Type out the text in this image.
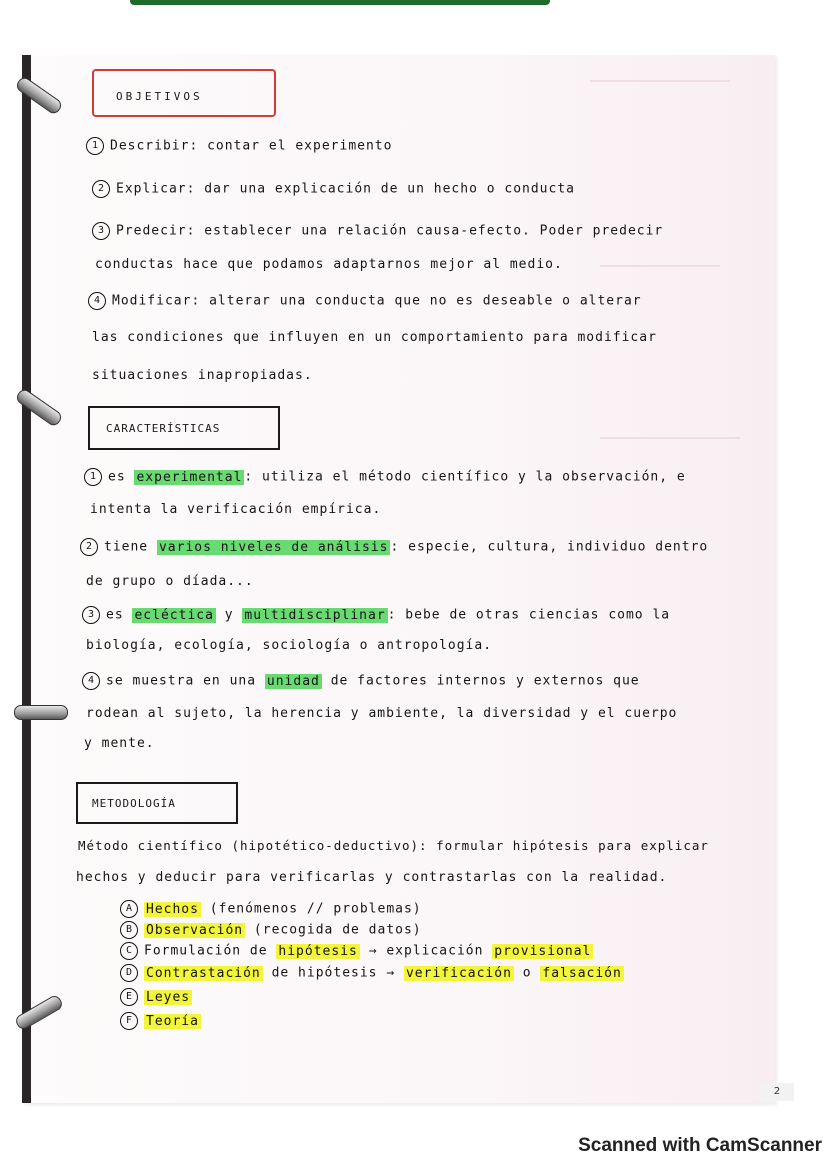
OBJETIVOS
1 Describir: contar el experimento
2 Explicar: dar una explicación de un hecho o conducta
3 Predecir: establecer una relación causa-efecto. Poder predecir
conductas hace que podamos adaptarnos mejor al medio.
4 Modificar: alterar una conducta que no es deseable o alterar
las condiciones que influyen en un comportamiento para modificar
situaciones inapropiadas.
CARACTERÍSTICAS
1 es experimental : utiliza el método científico y la observación, e
intenta la verificación empírica.
2 tiene varios niveles de análisis : especie, cultura, individuo dentro
de grupo o díada...
3 es ecléctica y multidisciplinar : bebe de otras ciencias como la
biología, ecología, sociología o antropología.
4 se muestra en una unidad de factores internos y externos que
rodean al sujeto, la herencia y ambiente, la diversidad y el cuerpo
y mente.
METODOLOGÍA
Método científico (hipotético-deductivo): formular hipótesis para explicar
hechos y deducir para verificarlas y contrastarlas con la realidad.
A Hechos (fenómenos // problemas)
B Observación (recogida de datos)
C Formulación de hipótesis → explicación provisional
D Contrastación de hipótesis → verificación o falsación
E Leyes
F Teoría
2
Scanned with CamScanner
